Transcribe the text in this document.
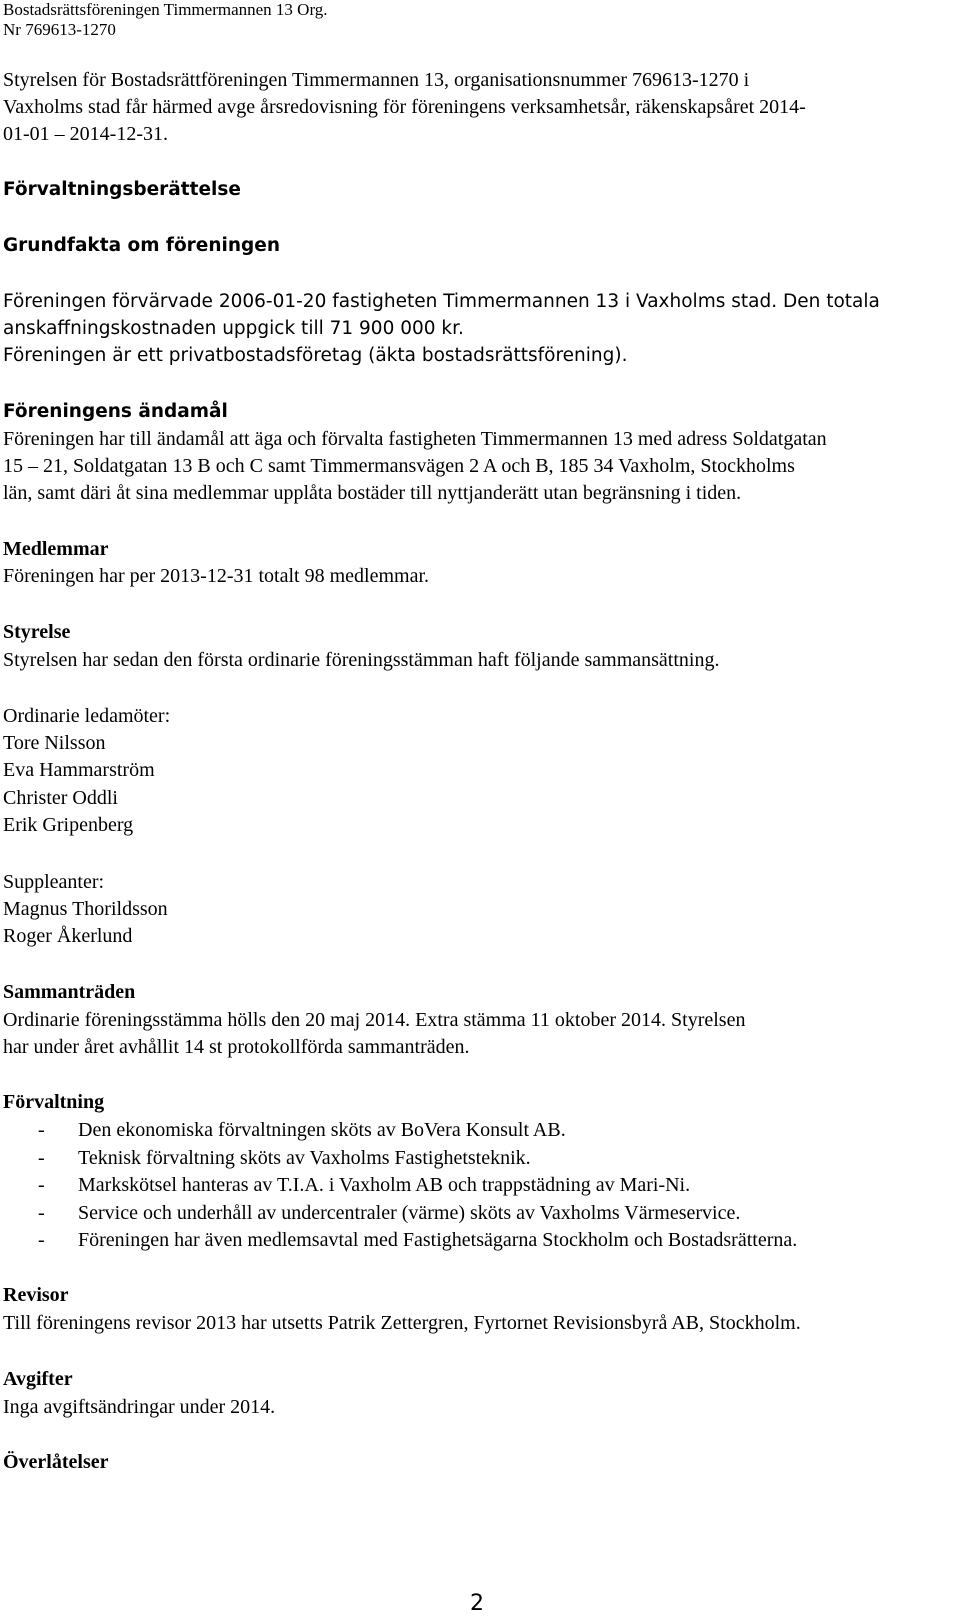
Bostadsrättsföreningen Timmermannen 13 Org.
Nr 769613-1270

Styrelsen för Bostadsrättföreningen Timmermannen 13, organisationsnummer 769613-1270 i

Vaxholms stad får härmed avge årsredovisning för föreningens verksamhetsår, räkenskapsåret 2014-

01-01 – 2014-12-31.

Förvaltningsberättelse

Grundfakta om föreningen

Föreningen förvärvade 2006-01-20 fastigheten Timmermannen 13 i Vaxholms stad. Den totala

anskaffningskostnaden uppgick till 71 900 000 kr.

Föreningen är ett privatbostadsföretag (äkta bostadsrättsförening).

Föreningens ändamål

Föreningen har till ändamål att äga och förvalta fastigheten Timmermannen 13 med adress Soldatgatan

15 – 21, Soldatgatan 13 B och C samt Timmermansvägen 2 A och B, 185 34 Vaxholm, Stockholms

län, samt däri åt sina medlemmar upplåta bostäder till nyttjanderätt utan begränsning i tiden.

Medlemmar

Föreningen har per 2013-12-31 totalt 98 medlemmar.

Styrelse

Styrelsen har sedan den första ordinarie föreningsstämman haft följande sammansättning.

Ordinarie ledamöter:

Tore Nilsson

Eva Hammarström

Christer Oddli

Erik Gripenberg

Suppleanter:

Magnus Thorildsson

Roger Åkerlund

Sammanträden

Ordinarie föreningsstämma hölls den 20 maj 2014. Extra stämma 11 oktober 2014. Styrelsen

har under året avhållit 14 st protokollförda sammanträden.

Förvaltning

- Den ekonomiska förvaltningen sköts av BoVera Konsult AB.
- Teknisk förvaltning sköts av Vaxholms Fastighetsteknik.
- Markskötsel hanteras av T.I.A. i Vaxholm AB och trappstädning av Mari-Ni.
- Service och underhåll av undercentraler (värme) sköts av Vaxholms Värmeservice.
- Föreningen har även medlemsavtal med Fastighetsägarna Stockholm och Bostadsrätterna.

Revisor

Till föreningens revisor 2013 har utsetts Patrik Zettergren, Fyrtornet Revisionsbyrå AB, Stockholm.

Avgifter

Inga avgiftsändringar under 2014.

Överlåtelser

2
